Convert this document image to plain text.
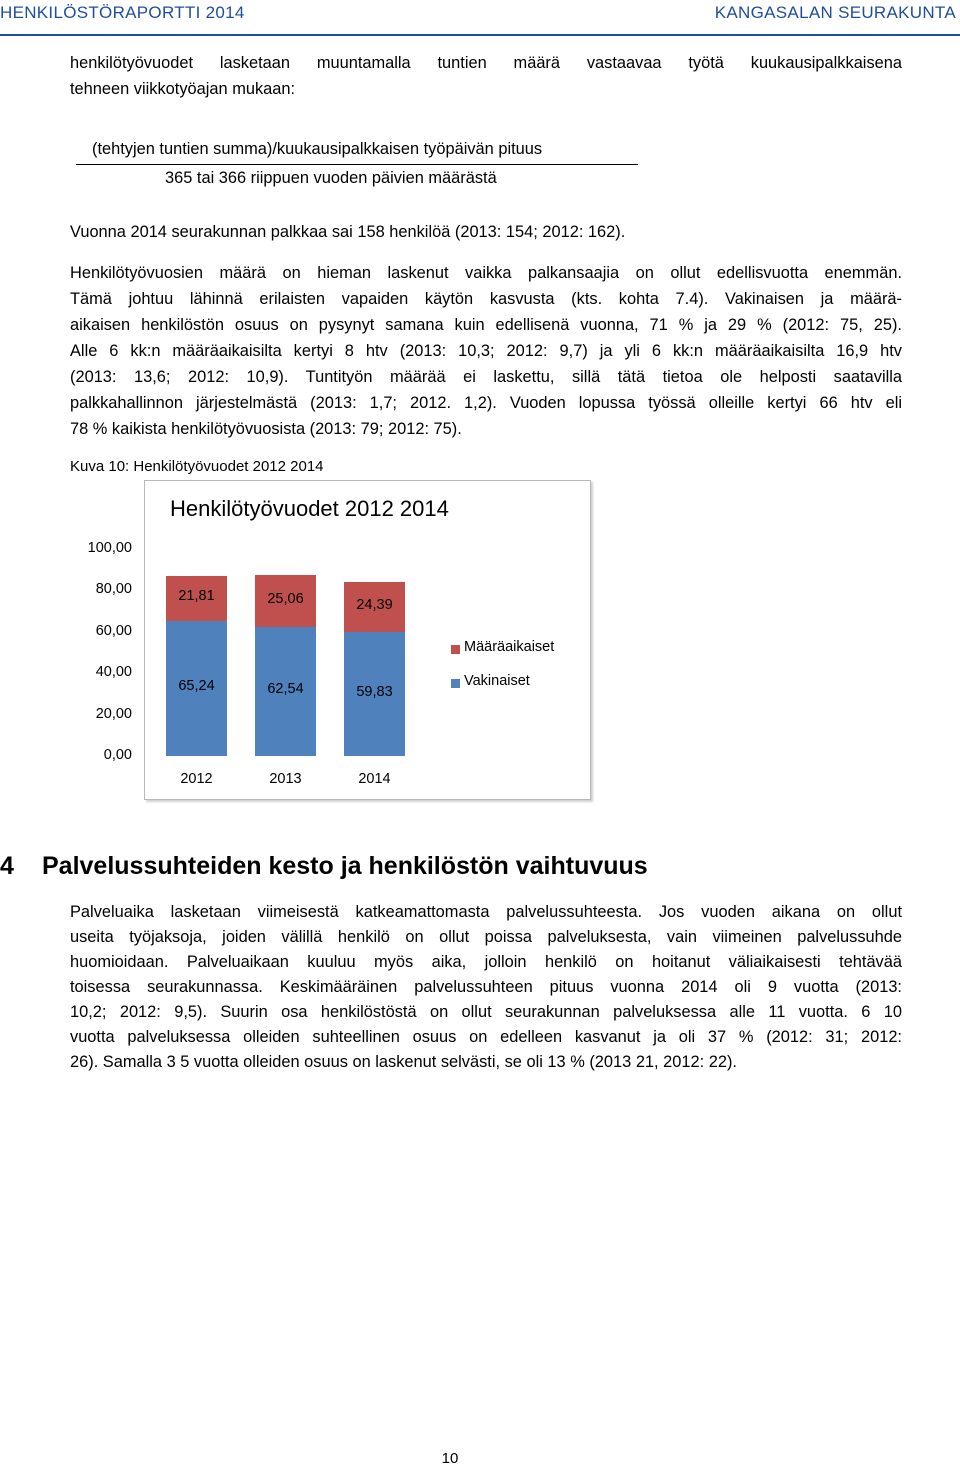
HENKILÖSTÖRAPORTTI 2014	KANGASALAN SEURAKUNTA
henkilötyövuodet lasketaan muuntamalla tuntien määrä vastaavaa työtä kuukausipalkkaisena
tehneen viikkotyöajan mukaan:
(tehtyjen tuntien summa)/kuukausipalkkaisen työpäivän pituus
365 tai 366 riippuen vuoden päivien määrästä
Vuonna 2014 seurakunnan palkkaa sai 158 henkilöä (2013: 154; 2012: 162).
Henkilötyövuosien määrä on hieman laskenut vaikka palkansaajia on ollut edellisvuotta enemmän.
Tämä johtuu lähinnä erilaisten vapaiden käytön kasvusta (kts. kohta 7.4). Vakinaisen ja määrä-
aikaisen henkilöstön osuus on pysynyt samana kuin edellisenä vuonna, 71 % ja 29 % (2012: 75, 25).
Alle 6 kk:n määräaikaisilta kertyi 8 htv (2013: 10,3; 2012: 9,7) ja yli 6 kk:n määräaikaisilta 16,9 htv
(2013: 13,6; 2012: 10,9). Tuntityön määrää ei laskettu, sillä tätä tietoa ole helposti saatavilla
palkkahallinnon järjestelmästä (2013: 1,7; 2012. 1,2). Vuoden lopussa työssä olleille kertyi 66 htv eli
78 % kaikista henkilötyövuosista (2013: 79; 2012: 75).
Kuva 10: Henkilötyövuodet 2012 2014
Henkilötyövuodet 2012 2014
0,00
20,00
40,00
60,00
80,00
100,00
65,24
21,81
2012
62,54
25,06
2013
59,83
24,39
2014
Määräaikaiset
Vakinaiset
4 Palvelussuhteiden kesto ja henkilöstön vaihtuvuus
Palveluaika lasketaan viimeisestä katkeamattomasta palvelussuhteesta. Jos vuoden aikana on ollut
useita työjaksoja, joiden välillä henkilö on ollut poissa palveluksesta, vain viimeinen palvelussuhde
huomioidaan. Palveluaikaan kuuluu myös aika, jolloin henkilö on hoitanut väliaikaisesti tehtävää
toisessa seurakunnassa. Keskimääräinen palvelussuhteen pituus vuonna 2014 oli 9 vuotta (2013:
10,2; 2012: 9,5). Suurin osa henkilöstöstä on ollut seurakunnan palveluksessa alle 11 vuotta. 6 10
vuotta palveluksessa olleiden suhteellinen osuus on edelleen kasvanut ja oli 37 % (2012: 31; 2012:
26). Samalla 3 5 vuotta olleiden osuus on laskenut selvästi, se oli 13 % (2013 21, 2012: 22).
10
